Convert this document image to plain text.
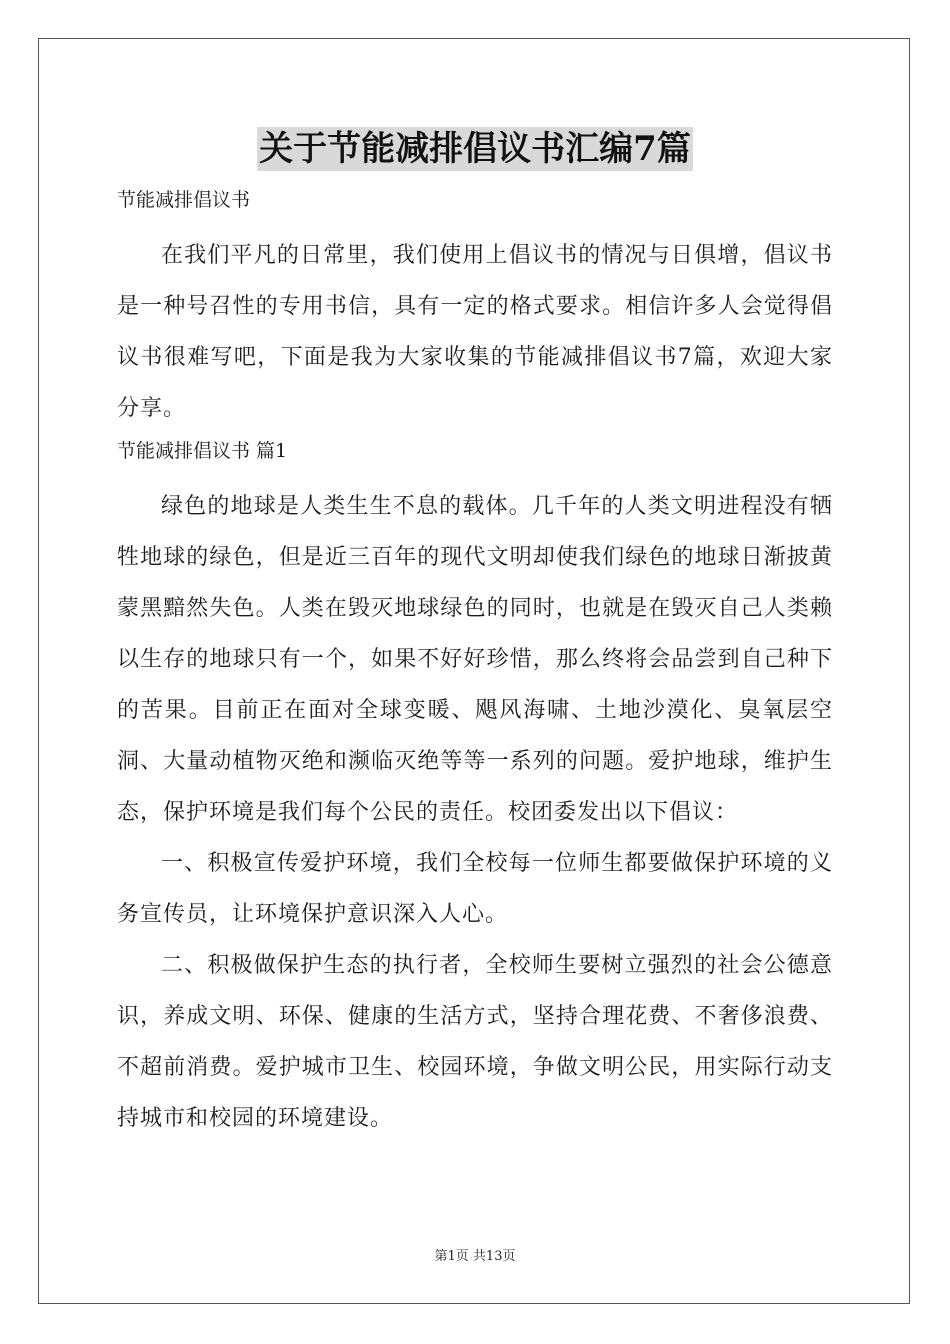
关于节能减排倡议书汇编7篇
节能减排倡议书

在我们平凡的日常里，我们使用上倡议书的情况与日俱增，倡议书是一种号召性的专用书信，具有一定的格式要求。相信许多人会觉得倡议书很难写吧，下面是我为大家收集的节能减排倡议书7篇，欢迎大家分享。

节能减排倡议书 篇1

绿色的地球是人类生生不息的载体。几千年的人类文明进程没有牺牲地球的绿色，但是近三百年的现代文明却使我们绿色的地球日渐披黄蒙黑黯然失色。人类在毁灭地球绿色的同时，也就是在毁灭自己人类赖以生存的地球只有一个，如果不好好珍惜，那么终将会品尝到自己种下的苦果。目前正在面对全球变暖、飓风海啸、土地沙漠化、臭氧层空洞、大量动植物灭绝和濒临灭绝等等一系列的问题。爱护地球，维护生态，保护环境是我们每个公民的责任。校团委发出以下倡议：

一、积极宣传爱护环境，我们全校每一位师生都要做保护环境的义务宣传员，让环境保护意识深入人心。

二、积极做保护生态的执行者，全校师生要树立强烈的社会公德意识，养成文明、环保、健康的生活方式，坚持合理花费、不奢侈浪费、不超前消费。爱护城市卫生、校园环境，争做文明公民，用实际行动支持城市和校园的环境建设。

第1页 共13页
